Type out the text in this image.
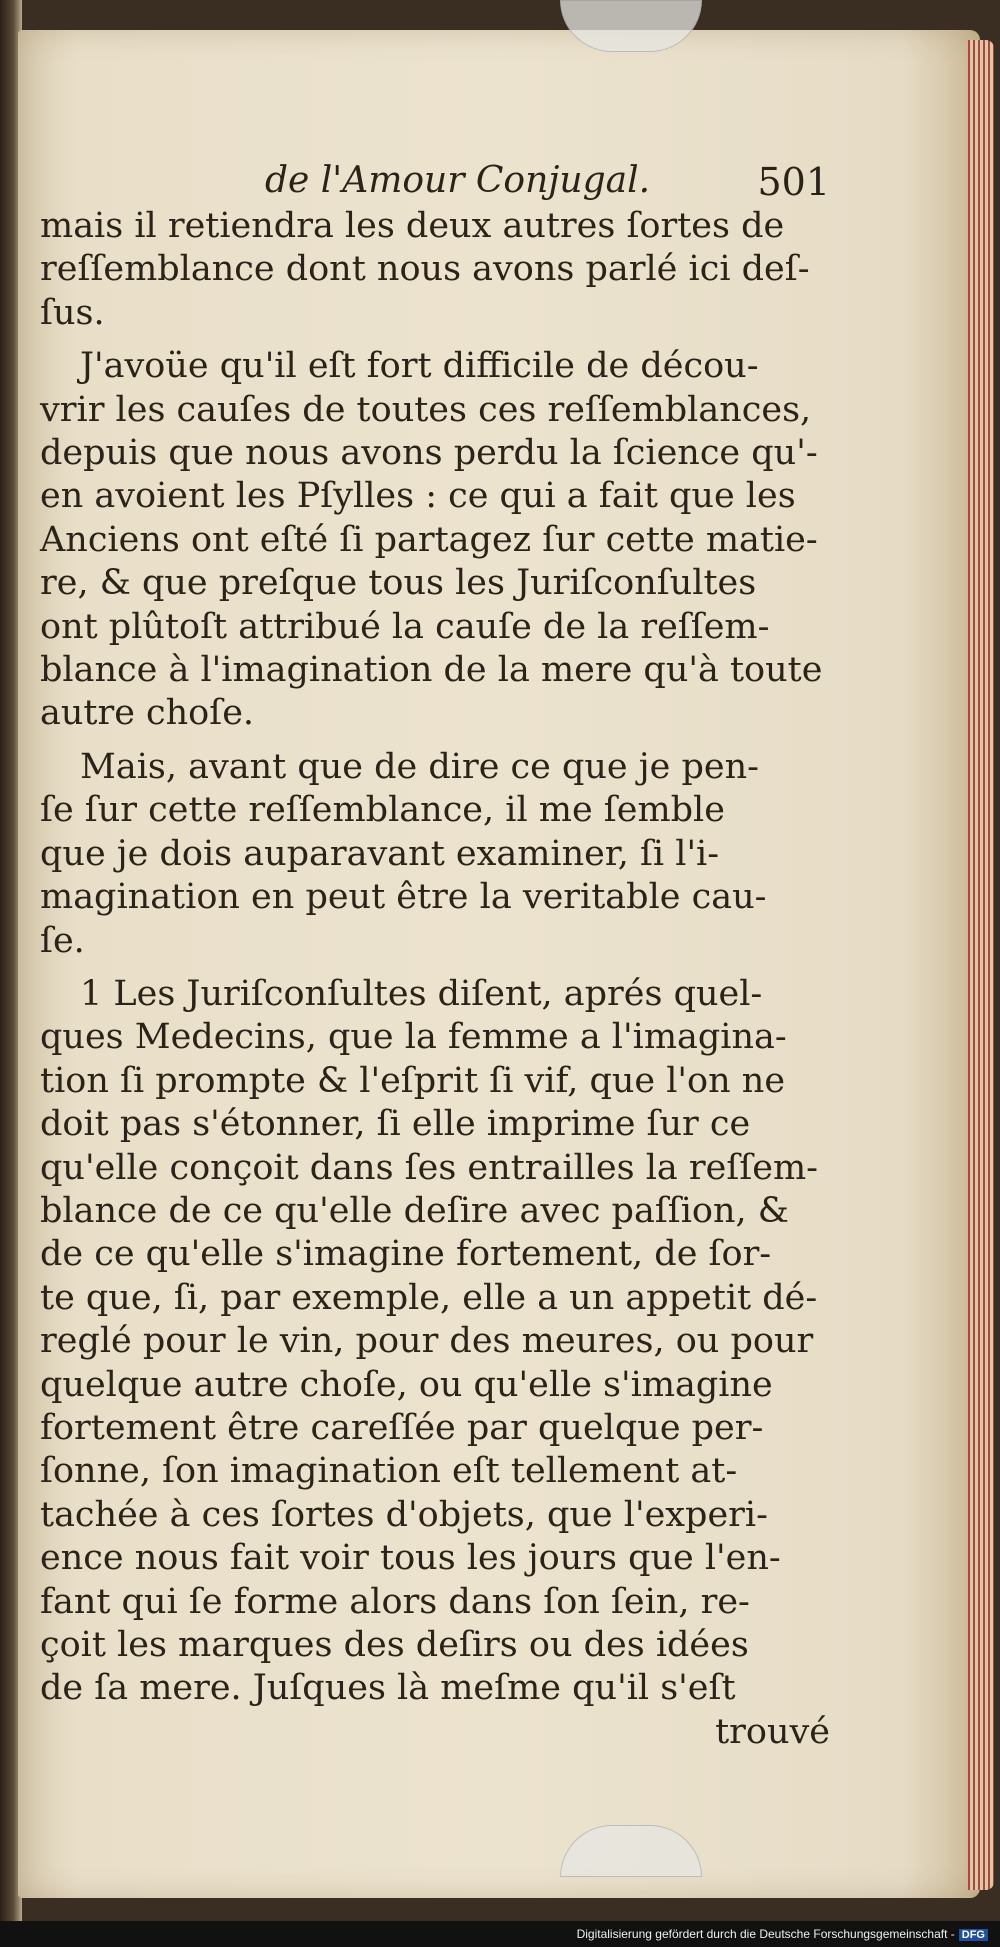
de l'Amour Conjugal.	501
mais il retiendra les deux autres ſortes de
reſſemblance dont nous avons parlé ici deſ-
ſus.
J'avoüe qu'il eſt fort difficile de décou-
vrir les cauſes de toutes ces reſſemblances,
depuis que nous avons perdu la ſcience qu'-
en avoient les Pſylles : ce qui a fait que les
Anciens ont eſté ſi partagez ſur cette matie-
re, & que preſque tous les Juriſconſultes
ont plûtoſt attribué la cauſe de la reſſem-
blance à l'imagination de la mere qu'à toute
autre choſe.
Mais, avant que de dire ce que je pen-
ſe ſur cette reſſemblance, il me ſemble
que je dois auparavant examiner, ſi l'i-
magination en peut être la veritable cau-
ſe.
1 Les Juriſconſultes diſent, aprés quel-
ques Medecins, que la femme a l'imagina-
tion ſi prompte & l'eſprit ſi vif, que l'on ne
doit pas s'étonner, ſi elle imprime ſur ce
qu'elle conçoit dans ſes entrailles la reſſem-
blance de ce qu'elle deſire avec paſſion, &
de ce qu'elle s'imagine fortement, de ſor-
te que, ſi, par exemple, elle a un appetit dé-
reglé pour le vin, pour des meures, ou pour
quelque autre choſe, ou qu'elle s'imagine
fortement être careſſée par quelque per-
ſonne, ſon imagination eſt tellement at-
tachée à ces ſortes d'objets, que l'experi-
ence nous fait voir tous les jours que l'en-
fant qui ſe forme alors dans ſon ſein, re-
çoit les marques des deſirs ou des idées
de ſa mere. Juſques là meſme qu'il s'eſt
trouvé
Digitalisierung gefördert durch die Deutsche Forschungsgemeinschaft - DFG
